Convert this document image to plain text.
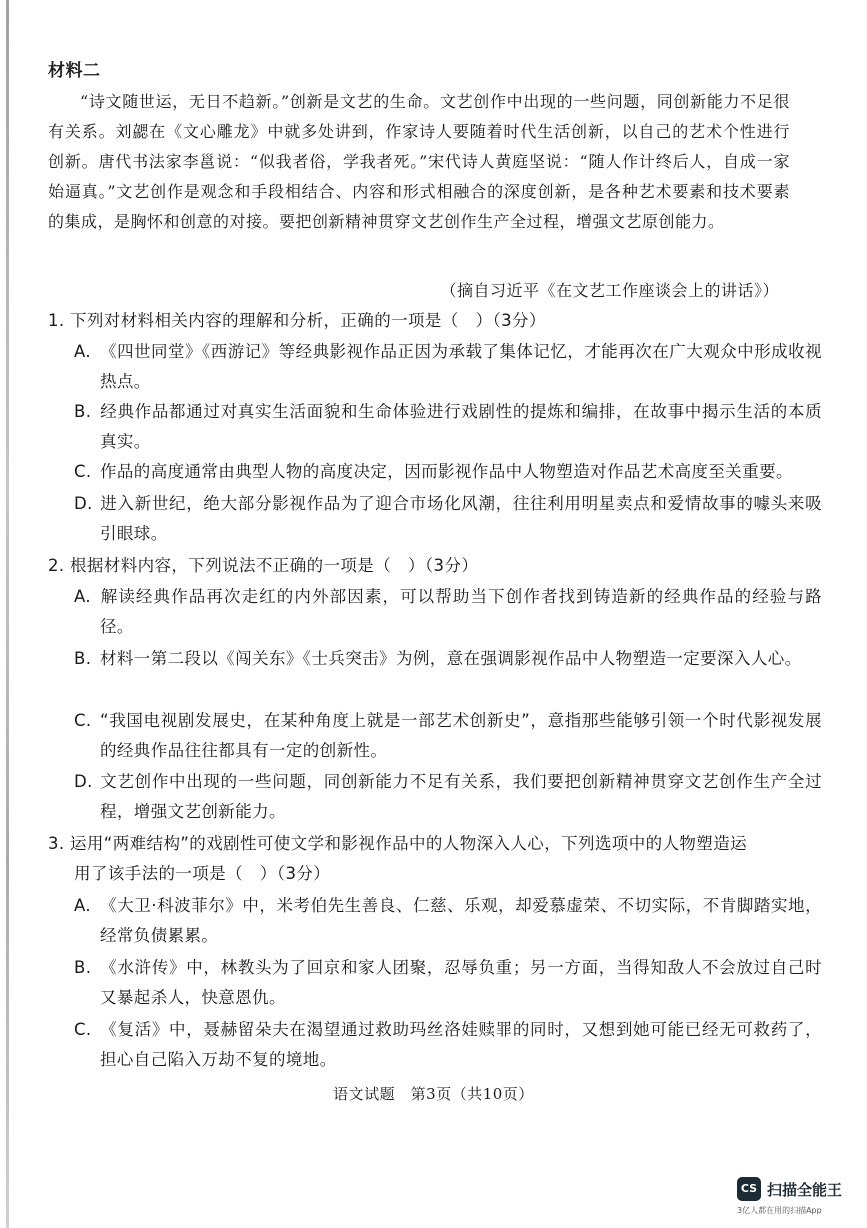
材料二
“诗文随世运，无日不趋新。”创新是文艺的生命。文艺创作中出现的一些问题，同创新能力不足很有关系。刘勰在《文心雕龙》中就多处讲到，作家诗人要随着时代生活创新，以自己的艺术个性进行创新。唐代书法家李邕说：“似我者俗，学我者死。”宋代诗人黄庭坚说：“随人作计终后人，自成一家始逼真。”文艺创作是观念和手段相结合、内容和形式相融合的深度创新，是各种艺术要素和技术要素的集成，是胸怀和创意的对接。要把创新精神贯穿文艺创作生产全过程，增强文艺原创能力。
（摘自习近平《在文艺工作座谈会上的讲话》）
1. 下列对材料相关内容的理解和分析，正确的一项是（　）（3分）
A. 《四世同堂》《西游记》等经典影视作品正因为承载了集体记忆，才能再次在广大观众中形成收视热点。
B. 经典作品都通过对真实生活面貌和生命体验进行戏剧性的提炼和编排，在故事中揭示生活的本质真实。
C. 作品的高度通常由典型人物的高度决定，因而影视作品中人物塑造对作品艺术高度至关重要。
D. 进入新世纪，绝大部分影视作品为了迎合市场化风潮，往往利用明星卖点和爱情故事的噱头来吸引眼球。
2. 根据材料内容，下列说法不正确的一项是（　）（3分）
A. 解读经典作品再次走红的内外部因素，可以帮助当下创作者找到铸造新的经典作品的经验与路径。
B. 材料一第二段以《闯关东》《士兵突击》为例，意在强调影视作品中人物塑造一定要深入人心。
C. “我国电视剧发展史，在某种角度上就是一部艺术创新史”，意指那些能够引领一个时代影视发展的经典作品往往都具有一定的创新性。
D. 文艺创作中出现的一些问题，同创新能力不足有关系，我们要把创新精神贯穿文艺创作生产全过程，增强文艺创新能力。
3. 运用“两难结构”的戏剧性可使文学和影视作品中的人物深入人心，下列选项中的人物塑造运
用了该手法的一项是（　）（3分）
A. 《大卫·科波菲尔》中，米考伯先生善良、仁慈、乐观，却爱慕虚荣、不切实际，不肯脚踏实地，经常负债累累。
B. 《水浒传》中，林教头为了回京和家人团聚，忍辱负重；另一方面，当得知敌人不会放过自己时又暴起杀人，快意恩仇。
C. 《复活》中，聂赫留朵夫在渴望通过救助玛丝洛娃赎罪的同时，又想到她可能已经无可救药了，担心自己陷入万劫不复的境地。
语文试题　第3页（共10页）
CS 扫描全能王
3亿人都在用的扫描App
